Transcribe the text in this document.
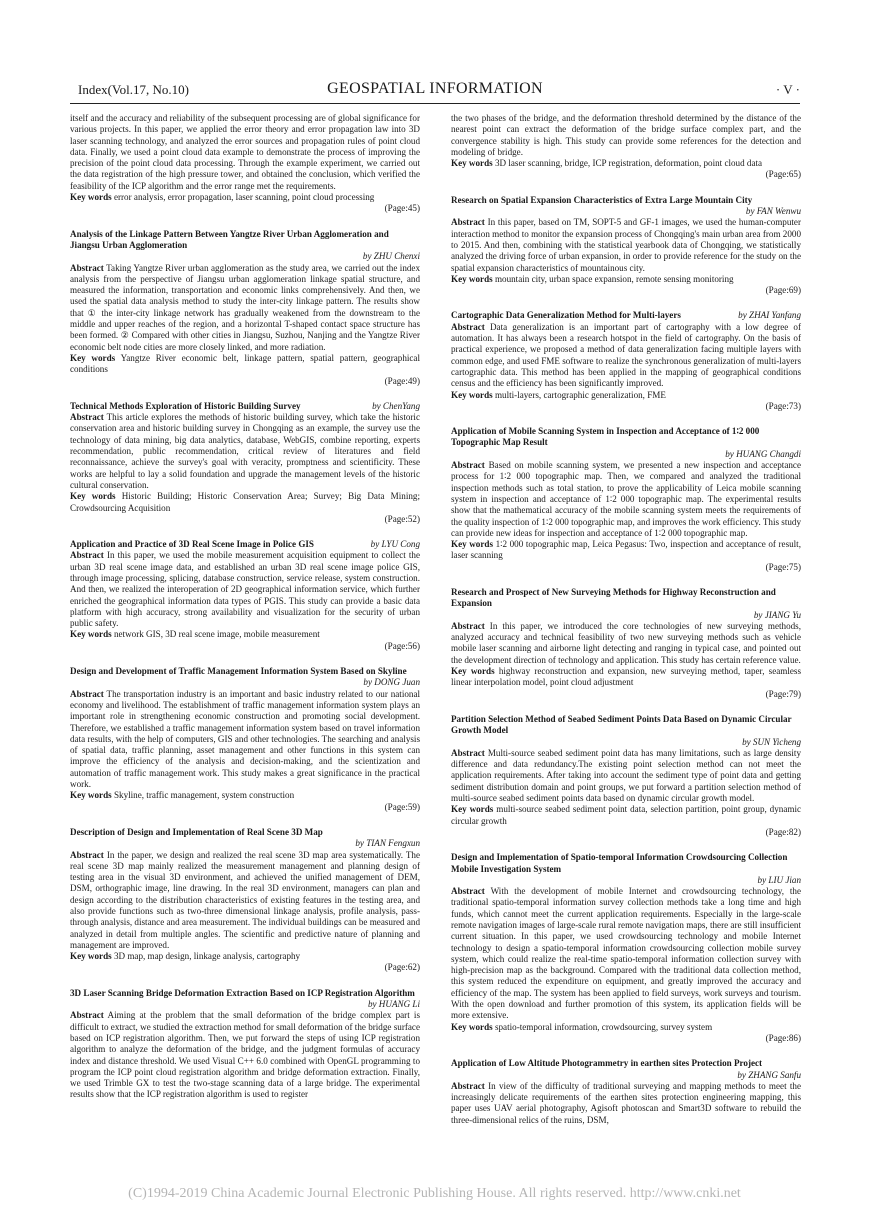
Index(Vol.17, No.10)	GEOSPATIAL INFORMATION	· V ·

itself and the accuracy and reliability of the subsequent processing are of global significance for various projects. In this paper, we applied the error theory and error propagation law into 3D laser scanning technology, and analyzed the error sources and propagation rules of point cloud data. Finally, we used a point cloud data example to demonstrate the process of improving the precision of the point cloud data processing. Through the example experiment, we carried out the data registration of the high pressure tower, and obtained the conclusion, which verified the feasibility of the ICP algorithm and the error range met the requirements.

Key words error analysis, error propagation, laser scanning, point cloud processing
(Page:45)

Analysis of the Linkage Pattern Between Yangtze River Urban Agglomeration and Jiangsu Urban Agglomeration

by ZHU Chenxi

Abstract Taking Yangtze River urban agglomeration as the study area, we carried out the index analysis from the perspective of Jiangsu urban agglomeration linkage spatial structure, and measured the information, transportation and economic links comprehensively. And then, we used the spatial data analysis method to study the inter-city linkage pattern. The results show that ① the inter-city linkage network has gradually weakened from the downstream to the middle and upper reaches of the region, and a horizontal T-shaped contact space structure has been formed. ② Compared with other cities in Jiangsu, Suzhou, Nanjing and the Yangtze River economic belt node cities are more closely linked, and more radiation.

Key words Yangtze River economic belt, linkage pattern, spatial pattern, geographical conditions
(Page:49)

Technical Methods Exploration of Historic Building Survey	by ChenYang

Abstract This article explores the methods of historic building survey, which take the historic conservation area and historic building survey in Chongqing as an example, the survey use the technology of data mining, big data analytics, database, WebGIS, combine reporting, experts recommendation, public recommendation, critical review of literatures and field reconnaissance, achieve the survey's goal with veracity, promptness and scientificity. These works are helpful to lay a solid foundation and upgrade the management levels of the historic cultural conservation.

Key words Historic Building; Historic Conservation Area; Survey; Big Data Mining; Crowdsourcing Acquisition
(Page:52)

Application and Practice of 3D Real Scene Image in Police GIS	by LYU Cong

Abstract In this paper, we used the mobile measurement acquisition equipment to collect the urban 3D real scene image data, and established an urban 3D real scene image police GIS, through image processing, splicing, database construction, service release, system construction. And then, we realized the interoperation of 2D geographical information service, which further enriched the geographical information data types of PGIS. This study can provide a basic data platform with high accuracy, strong availability and visualization for the security of urban public safety.

Key words network GIS, 3D real scene image, mobile measurement
(Page:56)

Design and Development of Traffic Management Information System Based on Skyline

by DONG Juan

Abstract The transportation industry is an important and basic industry related to our national economy and livelihood. The establishment of traffic management information system plays an important role in strengthening economic construction and promoting social development. Therefore, we established a traffic management information system based on travel information data results, with the help of computers, GIS and other technologies. The searching and analysis of spatial data, traffic planning, asset management and other functions in this system can improve the efficiency of the analysis and decision-making, and the scientization and automation of traffic management work. This study makes a great significance in the practical work.

Key words Skyline, traffic management, system construction
(Page:59)

Description of Design and Implementation of Real Scene 3D Map

by TIAN Fengxun

Abstract In the paper, we design and realized the real scene 3D map area systematically. The real scene 3D map mainly realized the measurement management and planning design of testing area in the visual 3D environment, and achieved the unified management of DEM, DSM, orthographic image, line drawing. In the real 3D environment, managers can plan and design according to the distribution characteristics of existing features in the testing area, and also provide functions such as two-three dimensional linkage analysis, profile analysis, pass-through analysis, distance and area measurement. The individual buildings can be measured and analyzed in detail from multiple angles. The scientific and predictive nature of planning and management are improved.

Key words 3D map, map design, linkage analysis, cartography
(Page:62)

3D Laser Scanning Bridge Deformation Extraction Based on ICP Registration Algorithm

by HUANG Li

Abstract Aiming at the problem that the small deformation of the bridge complex part is difficult to extract, we studied the extraction method for small deformation of the bridge surface based on ICP registration algorithm. Then, we put forward the steps of using ICP registration algorithm to analyze the deformation of the bridge, and the judgment formulas of accuracy index and distance threshold. We used Visual C++ 6.0 combined with OpenGL programming to program the ICP point cloud registration algorithm and bridge deformation extraction. Finally, we used Trimble GX to test the two-stage scanning data of a large bridge. The experimental results show that the ICP registration algorithm is used to register

the two phases of the bridge, and the deformation threshold determined by the distance of the nearest point can extract the deformation of the bridge surface complex part, and the convergence stability is high. This study can provide some references for the detection and modeling of bridge.

Key words 3D laser scanning, bridge, ICP registration, deformation, point cloud data
(Page:65)

Research on Spatial Expansion Characteristics of Extra Large Mountain City

by FAN Wenwu

Abstract In this paper, based on TM, SOPT-5 and GF-1 images, we used the human-computer interaction method to monitor the expansion process of Chongqing's main urban area from 2000 to 2015. And then, combining with the statistical yearbook data of Chongqing, we statistically analyzed the driving force of urban expansion, in order to provide reference for the study on the spatial expansion characteristics of mountainous city.

Key words mountain city, urban space expansion, remote sensing monitoring
(Page:69)

Cartographic Data Generalization Method for Multi-layers	by ZHAI Yanfang

Abstract Data generalization is an important part of cartography with a low degree of automation. It has always been a research hotspot in the field of cartography. On the basis of practical experience, we proposed a method of data generalization facing multiple layers with common edge, and used FME software to realize the synchronous generalization of multi-layers cartographic data. This method has been applied in the mapping of geographical conditions census and the efficiency has been significantly improved.

Key words multi-layers, cartographic generalization, FME
(Page:73)

Application of Mobile Scanning System in Inspection and Acceptance of 1∶2 000 Topographic Map Result

by HUANG Changdi

Abstract Based on mobile scanning system, we presented a new inspection and acceptance process for 1∶2 000 topographic map. Then, we compared and analyzed the traditional inspection methods such as total station, to prove the applicability of Leica mobile scanning system in inspection and acceptance of 1∶2 000 topographic map. The experimental results show that the mathematical accuracy of the mobile scanning system meets the requirements of the quality inspection of 1∶2 000 topographic map, and improves the work efficiency. This study can provide new ideas for inspection and acceptance of 1∶2 000 topographic map.

Key words 1∶2 000 topographic map, Leica Pegasus: Two, inspection and acceptance of result, laser scanning
(Page:75)

Research and Prospect of New Surveying Methods for Highway Reconstruction and Expansion

by JIANG Yu

Abstract In this paper, we introduced the core technologies of new surveying methods, analyzed accuracy and technical feasibility of two new surveying methods such as vehicle mobile laser scanning and airborne light detecting and ranging in typical case, and pointed out the development direction of technology and application. This study has certain reference value.

Key words highway reconstruction and expansion, new surveying method, taper, seamless linear interpolation model, point cloud adjustment
(Page:79)

Partition Selection Method of Seabed Sediment Points Data Based on Dynamic Circular Growth Model

by SUN Yicheng

Abstract Multi-source seabed sediment point data has many limitations, such as large density difference and data redundancy.The existing point selection method can not meet the application requirements. After taking into account the sediment type of point data and getting sediment distribution domain and point groups, we put forward a partition selection method of multi-source seabed sediment points data based on dynamic circular growth model.

Key words multi-source seabed sediment point data, selection partition, point group, dynamic circular growth
(Page:82)

Design and Implementation of Spatio-temporal Information Crowdsourcing Collection Mobile Investigation System

by LIU Jian

Abstract With the development of mobile Internet and crowdsourcing technology, the traditional spatio-temporal information survey collection methods take a long time and high funds, which cannot meet the current application requirements. Especially in the large-scale remote navigation images of large-scale rural remote navigation maps, there are still insufficient current situation. In this paper, we used crowdsourcing technology and mobile Internet technology to design a spatio-temporal information crowdsourcing collection mobile survey system, which could realize the real-time spatio-temporal information collection survey with high-precision map as the background. Compared with the traditional data collection method, this system reduced the expenditure on equipment, and greatly improved the accuracy and efficiency of the map. The system has been applied to field surveys, work surveys and tourism. With the open download and further promotion of this system, its application fields will be more extensive.

Key words spatio-temporal information, crowdsourcing, survey system
(Page:86)

Application of Low Altitude Photogrammetry in earthen sites Protection Project

by ZHANG Sanfu

Abstract In view of the difficulty of traditional surveying and mapping methods to meet the increasingly delicate requirements of the earthen sites protection engineering mapping, this paper uses UAV aerial photography, Agisoft photoscan and Smart3D software to rebuild the three-dimensional relics of the ruins, DSM,

(C)1994-2019 China Academic Journal Electronic Publishing House. All rights reserved. http://www.cnki.net
